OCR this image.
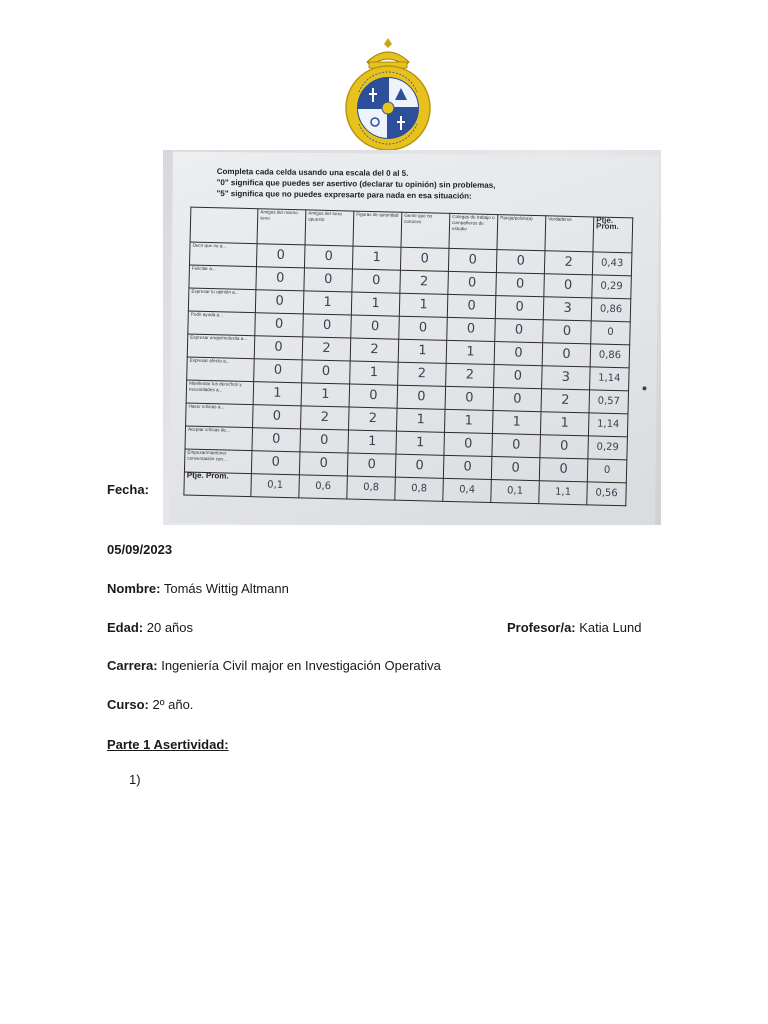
Completa cada celda usando una escala del 0 al 5.
"0" significa que puedes ser asertivo (declarar tu opinión) sin problemas,
"5" significa que no puedes expresarte para nada en esa situación:
	Amigos del mismo sexo	Amigos del sexo opuesto	Figuras de autoridad	Gente que no conoces	Colegas de trabajo o compañeros de estudio	Pareja/pololo(a)	Verdaderos	Ptje. Prom.
Decir que no a...	0	0	1	0	0	0	2	0,43
Felicitar a...	0	0	0	2	0	0	0	0,29
Expresar tu opinión a...	0	1	1	1	0	0	3	0,86
Pedir ayuda a...	0	0	0	0	0	0	0	0
Expresar enojo/molestia a...	0	2	2	1	1	0	0	0,86
Expresar afecto a...	0	0	1	2	2	0	3	1,14
Manifestar tus derechos y necesidades a...	1	1	0	0	0	0	2	0,57
Hacer críticas a...	0	2	2	1	1	1	1	1,14
Aceptar críticas de...	0	0	1	1	0	0	0	0,29
Empezar/mantener conversación con...	0	0	0	0	0	0	0	0
Ptje. Prom.	0,1	0,6	0,8	0,8	0,4	0,1	1,1	0,56
Fecha:
05/09/2023
Nombre: Tomás Wittig Altmann
Edad: 20 años	Profesor/a: Katia Lund
Carrera: Ingeniería Civil major en Investigación Operativa
Curso: 2º año.
Parte 1 Asertividad:
1)
